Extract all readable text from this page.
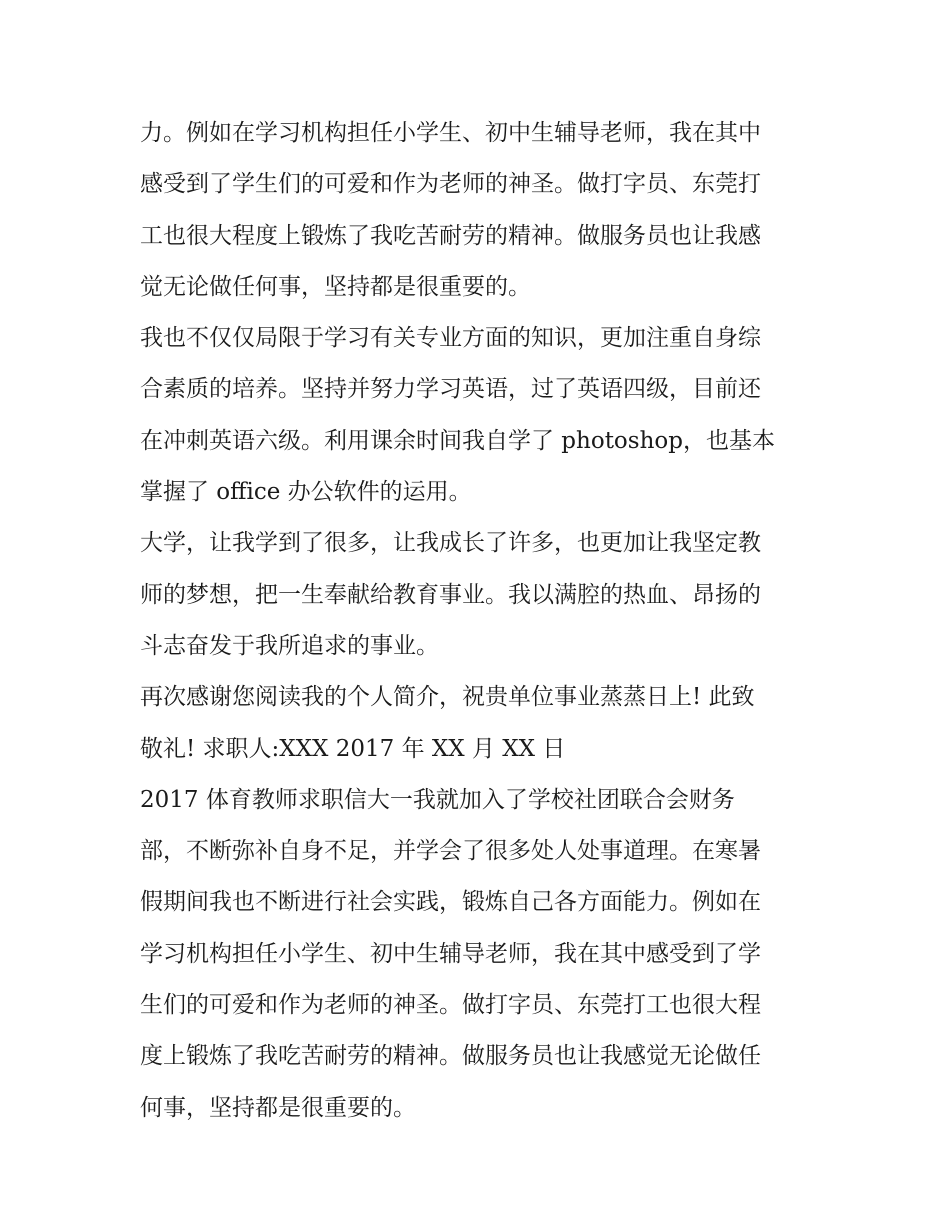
力。例如在学习机构担任小学生、初中生辅导老师，我在其中
感受到了学生们的可爱和作为老师的神圣。做打字员、东莞打
工也很大程度上锻炼了我吃苦耐劳的精神。做服务员也让我感
觉无论做任何事，坚持都是很重要的。
我也不仅仅局限于学习有关专业方面的知识，更加注重自身综
合素质的培养。坚持并努力学习英语，过了英语四级，目前还
在冲刺英语六级。利用课余时间我自学了 photoshop，也基本
掌握了 office 办公软件的运用。
大学，让我学到了很多，让我成长了许多，也更加让我坚定教
师的梦想，把一生奉献给教育事业。我以满腔的热血、昂扬的
斗志奋发于我所追求的事业。
再次感谢您阅读我的个人简介，祝贵单位事业蒸蒸日上! 此致
敬礼! 求职人:XXX 2017 年 XX 月 XX 日
2017 体育教师求职信大一我就加入了学校社团联合会财务
部，不断弥补自身不足，并学会了很多处人处事道理。在寒暑
假期间我也不断进行社会实践，锻炼自己各方面能力。例如在
学习机构担任小学生、初中生辅导老师，我在其中感受到了学
生们的可爱和作为老师的神圣。做打字员、东莞打工也很大程
度上锻炼了我吃苦耐劳的精神。做服务员也让我感觉无论做任
何事，坚持都是很重要的。
